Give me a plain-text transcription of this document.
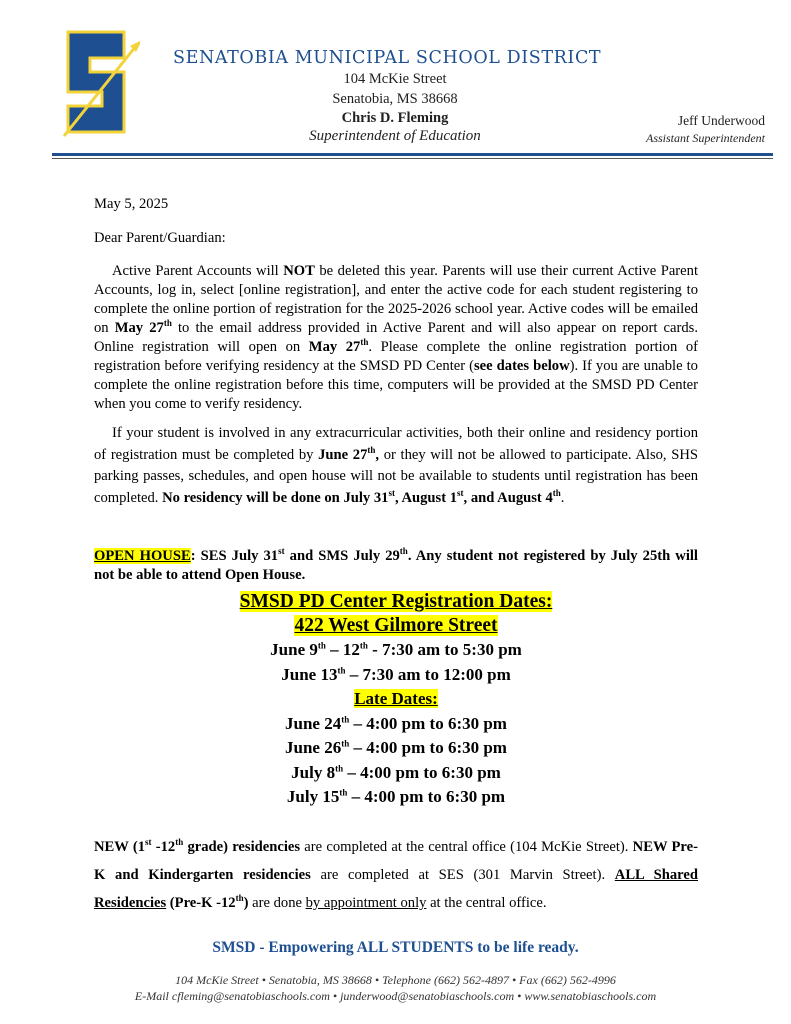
SENATOBIA MUNICIPAL SCHOOL DISTRICT
104 McKie Street
Senatobia, MS 38668
Chris D. Fleming
Superintendent of Education
Jeff Underwood
Assistant Superintendent
May 5, 2025
Dear Parent/Guardian:
Active Parent Accounts will NOT be deleted this year. Parents will use their current Active Parent Accounts, log in, select [online registration], and enter the active code for each student registering to complete the online portion of registration for the 2025-2026 school year. Active codes will be emailed on May 27th to the email address provided in Active Parent and will also appear on report cards. Online registration will open on May 27th. Please complete the online registration portion of registration before verifying residency at the SMSD PD Center (see dates below). If you are unable to complete the online registration before this time, computers will be provided at the SMSD PD Center when you come to verify residency.
If your student is involved in any extracurricular activities, both their online and residency portion of registration must be completed by June 27th, or they will not be allowed to participate. Also, SHS parking passes, schedules, and open house will not be available to students until registration has been completed. No residency will be done on July 31st, August 1st, and August 4th.
OPEN HOUSE: SES July 31st and SMS July 29th. Any student not registered by July 25th will not be able to attend Open House.
SMSD PD Center Registration Dates:
422 West Gilmore Street
June 9th – 12th - 7:30 am to 5:30 pm
June 13th – 7:30 am to 12:00 pm
Late Dates:
June 24th – 4:00 pm to 6:30 pm
June 26th – 4:00 pm to 6:30 pm
July 8th – 4:00 pm to 6:30 pm
July 15th – 4:00 pm to 6:30 pm
NEW (1st -12th grade) residencies are completed at the central office (104 McKie Street). NEW Pre-K and Kindergarten residencies are completed at SES (301 Marvin Street). ALL Shared Residencies (Pre-K -12th) are done by appointment only at the central office.
SMSD - Empowering ALL STUDENTS to be life ready.
104 McKie Street • Senatobia, MS 38668 • Telephone (662) 562-4897 • Fax (662) 562-4996
E-Mail cfleming@senatobiaschools.com • junderwood@senatobiaschools.com • www.senatobiaschools.com
